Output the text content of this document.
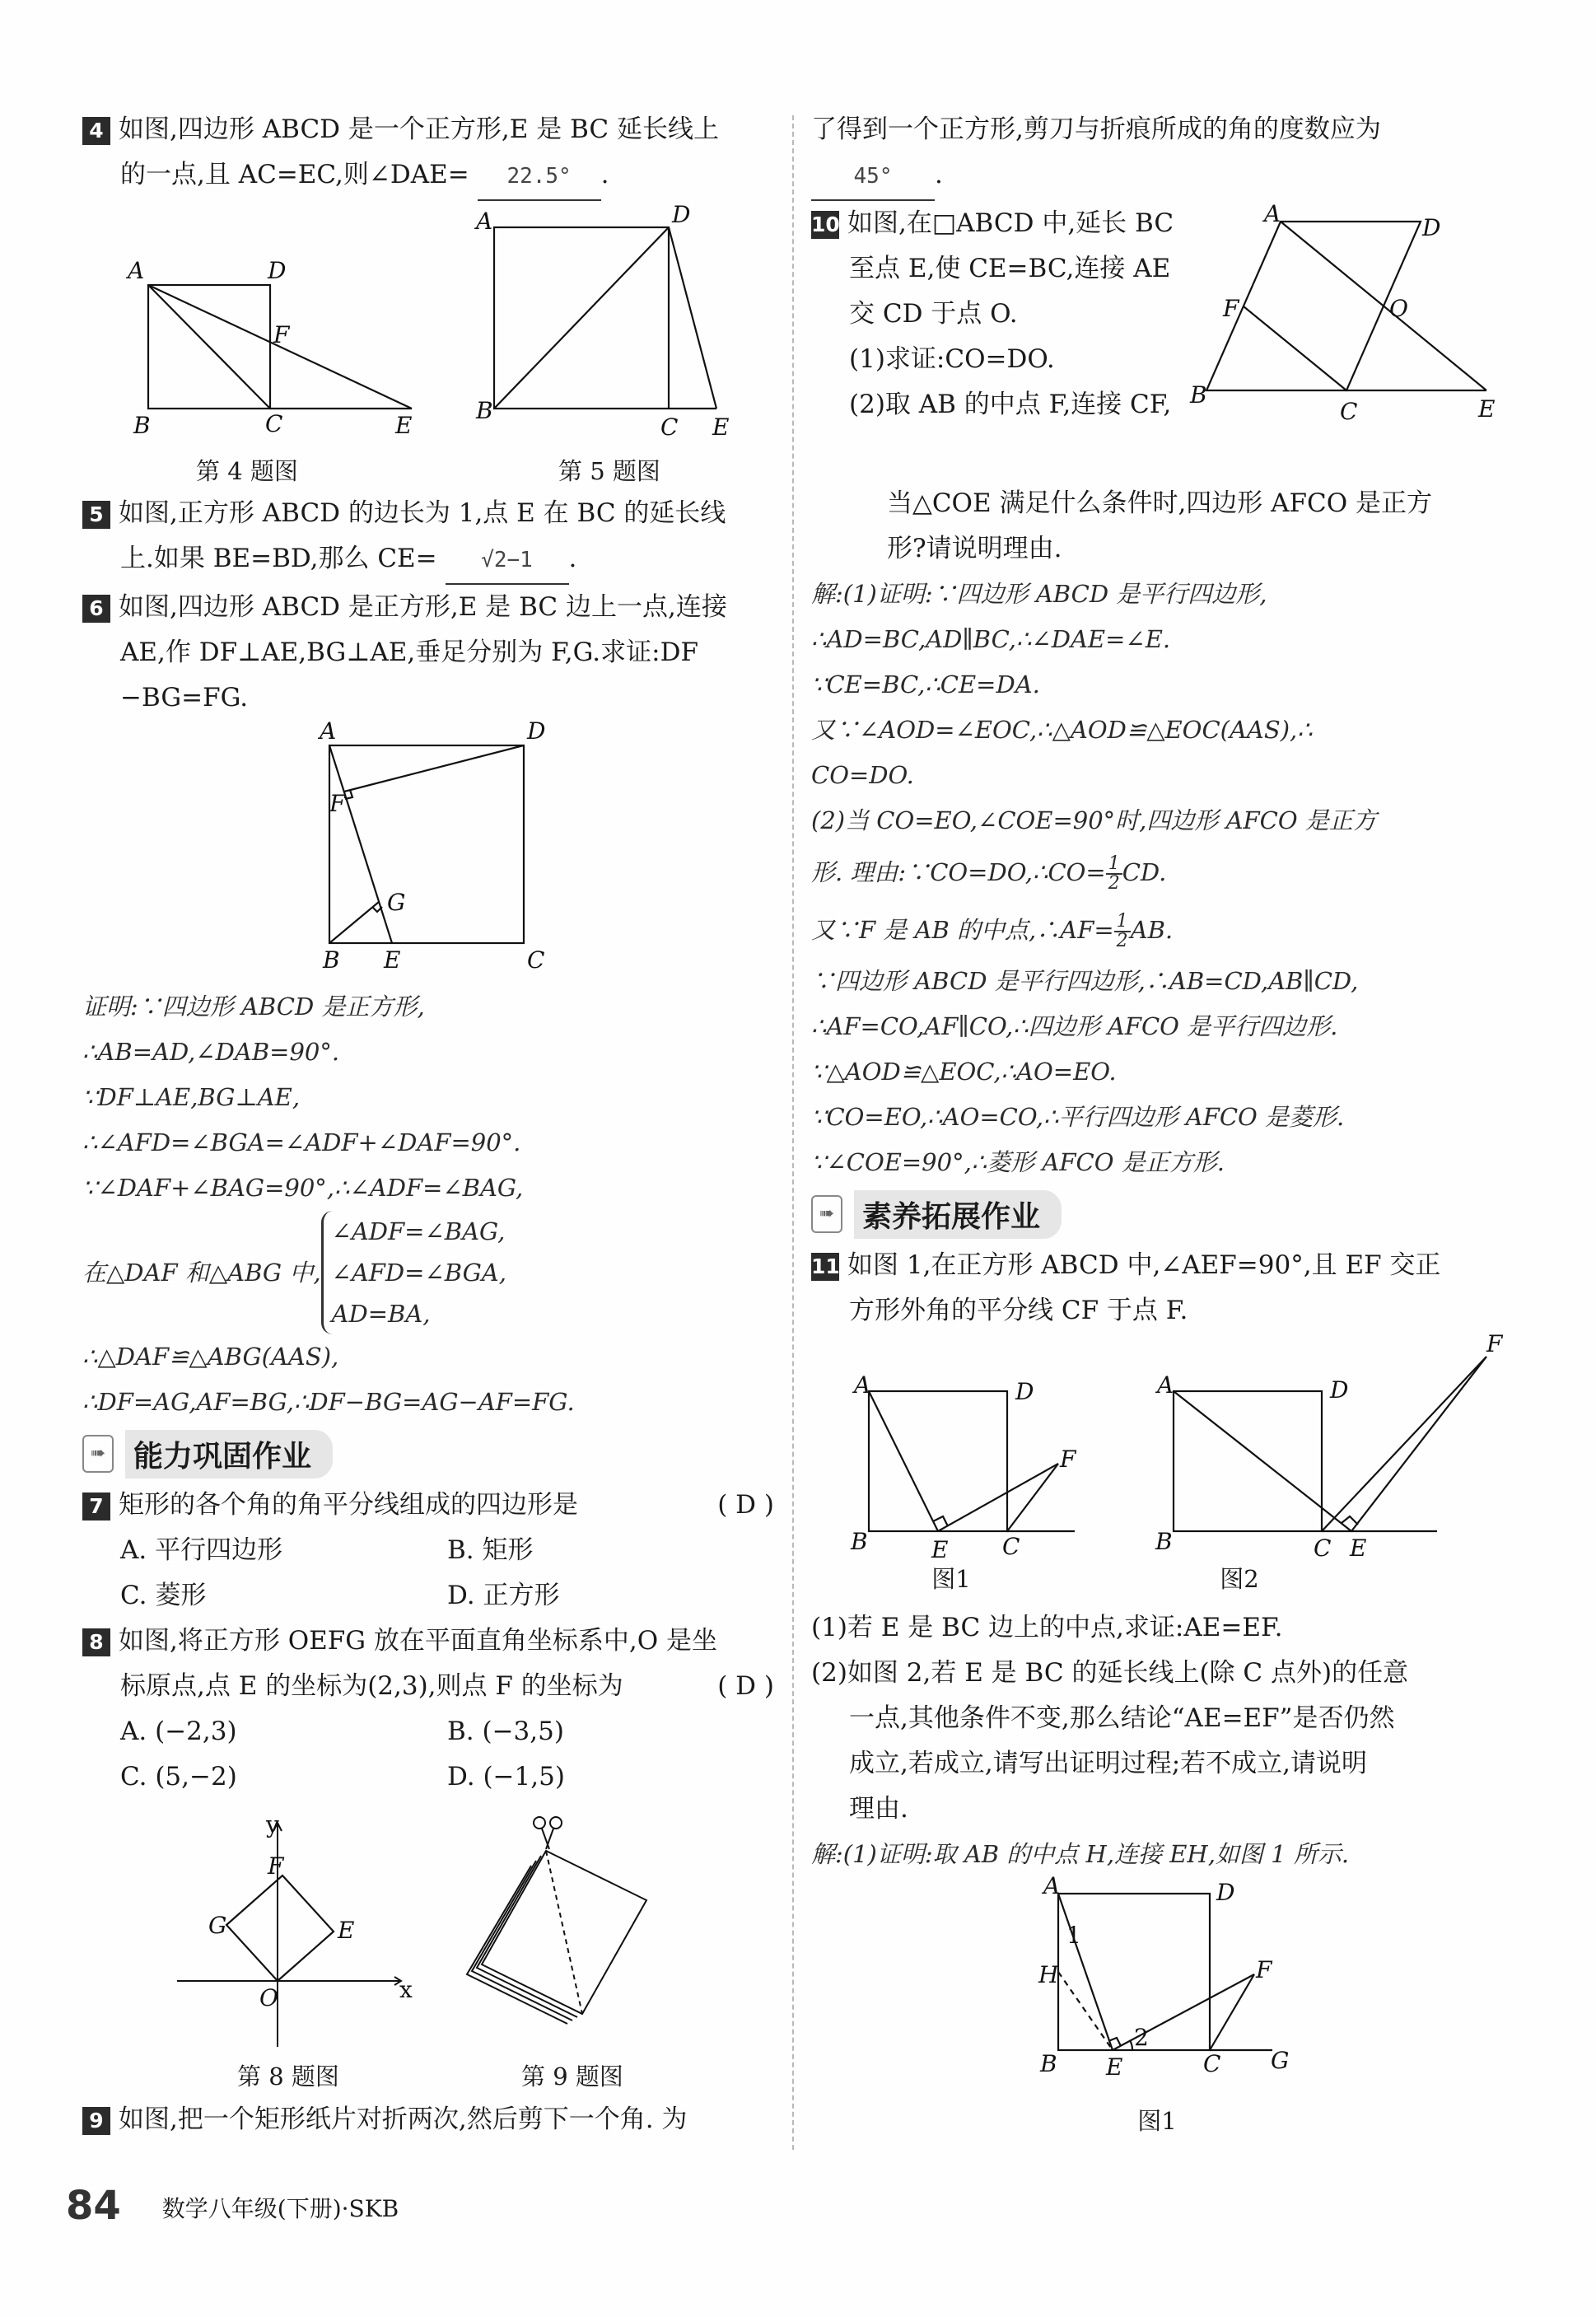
4 如图,四边形 ABCD 是一个正方形,E 是 BC 延长线上
的一点,且 AC=EC,则∠DAE= 22.5° .
A	D
F
B	C	E
第 4 题图
A	D
B
C E
第 5 题图
5 如图,正方形 ABCD 的边长为 1,点 E 在 BC 的延长线
上.如果 BE=BD,那么 CE= √2−1 .
6 如图,四边形 ABCD 是正方形,E 是 BC 边上一点,连接
AE,作 DF⊥AE,BG⊥AE,垂足分别为 F,G.求证:DF
−BG=FG.
A	D
F
G
B E	C
证明:∵四边形 ABCD 是正方形,
∴AB=AD,∠DAB=90°.
∵DF⊥AE,BG⊥AE,
∴∠AFD=∠BGA=∠ADF+∠DAF=90°.
∵∠DAF+∠BAG=90°,∴∠ADF=∠BAG,
在△DAF 和△ABG 中,
∠ADF=∠BAG,
∠AFD=∠BGA,
AD=BA,
∴△DAF≌△ABG(AAS),
∴DF=AG,AF=BG,∴DF−BG=AG−AF=FG.
➠ 能力巩固作业
7 矩形的各个角的角平分线组成的四边形是	( D )
A. 平行四边形	B. 矩形
C. 菱形	D. 正方形
8 如图,将正方形 OEFG 放在平面直角坐标系中,O 是坐
标原点,点 E 的坐标为(2,3),则点 F 的坐标为	( D )
A. (−2,3)	B. (−3,5)
C. (5,−2)	D. (−1,5)
y
x
O
E
F
G
第 8 题图	第 9 题图
9 如图,把一个矩形纸片对折两次,然后剪下一个角. 为
了得到一个正方形,剪刀与折痕所成的角的度数应为
45° .
10 如图,在□ABCD 中,延长 BC
至点 E,使 CE=BC,连接 AE
交 CD 于点 O.
(1)求证:CO=DO.
(2)取 AB 的中点 F,连接 CF,
A
D
F	O
B
C	E
当△COE 满足什么条件时,四边形 AFCO 是正方
形?请说明理由.
解:(1)证明:∵四边形 ABCD 是平行四边形,
∴AD=BC,AD∥BC,∴∠DAE=∠E.
∵CE=BC,∴CE=DA.
又∵∠AOD=∠EOC,∴△AOD≌△EOC(AAS),∴
CO=DO.
(2)当 CO=EO,∠COE=90°时,四边形 AFCO 是正方
形. 理由:∵CO=DO,∴CO= $\frac{1}{2}$ CD.
又∵F 是 AB 的中点,∴AF= $\frac{1}{2}$ AB.
∵四边形 ABCD 是平行四边形,∴AB=CD,AB∥CD,
∴AF=CO,AF∥CO,∴四边形 AFCO 是平行四边形.
∵△AOD≌△EOC,∴AO=EO.
∵CO=EO,∴AO=CO,∴平行四边形 AFCO 是菱形.
∵∠COE=90°,∴菱形 AFCO 是正方形.
➠ 素养拓展作业
11 如图 1,在正方形 ABCD 中,∠AEF=90°,且 EF 交正
方形外角的平分线 CF 于点 F.
A	D
F
B	E C
图1
A	D
F
B	C E
图2
(1)若 E 是 BC 边上的中点,求证:AE=EF.
(2)如图 2,若 E 是 BC 的延长线上(除 C 点外)的任意
一点,其他条件不变,那么结论“AE=EF”是否仍然
成立,若成立,请写出证明过程;若不成立,请说明
理由.
解:(1)证明:取 AB 的中点 H,连接 EH,如图 1 所示.
A	D
1
H	F
2
B E	C G
图1
84 数学八年级(下册)·SKB
